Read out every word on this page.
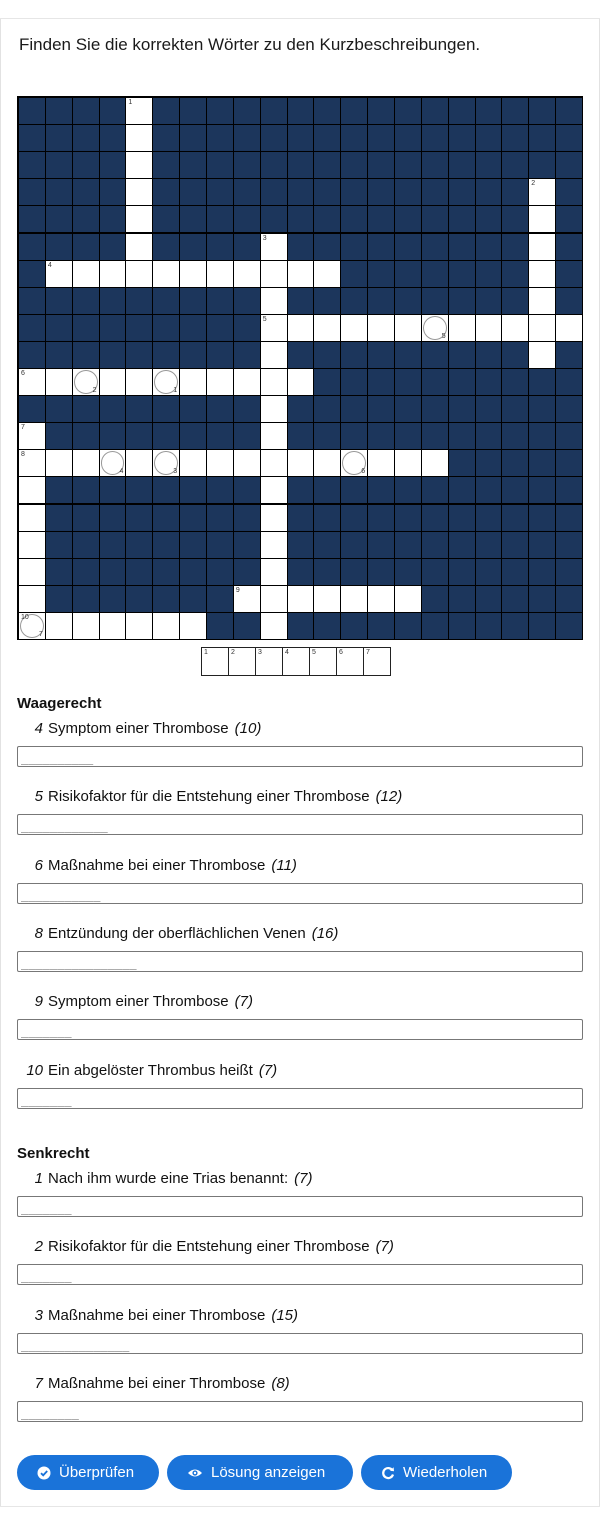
Finden Sie die korrekten Wörter zu den Kurzbeschreibungen.
1
2
3
4
5
5
6
2	1
7
8
4	3	6
9
7
10
1	2	3	4	5	6	7
Waagerecht
4 Symptom einer Thrombose (10)
__________
5 Risikofaktor für die Entstehung einer Thrombose (12)
____________
6 Maßnahme bei einer Thrombose (11)
___________
8 Entzündung der oberflächlichen Venen (16)
________________
9 Symptom einer Thrombose (7)
_______
10 Ein abgelöster Thrombus heißt (7)
_______
Senkrecht
1 Nach ihm wurde eine Trias benannt: (7)
_______
2 Risikofaktor für die Entstehung einer Thrombose (7)
_______
3 Maßnahme bei einer Thrombose (15)
_______________
7 Maßnahme bei einer Thrombose (8)
________
Überprüfen	Lösung anzeigen	Wiederholen
